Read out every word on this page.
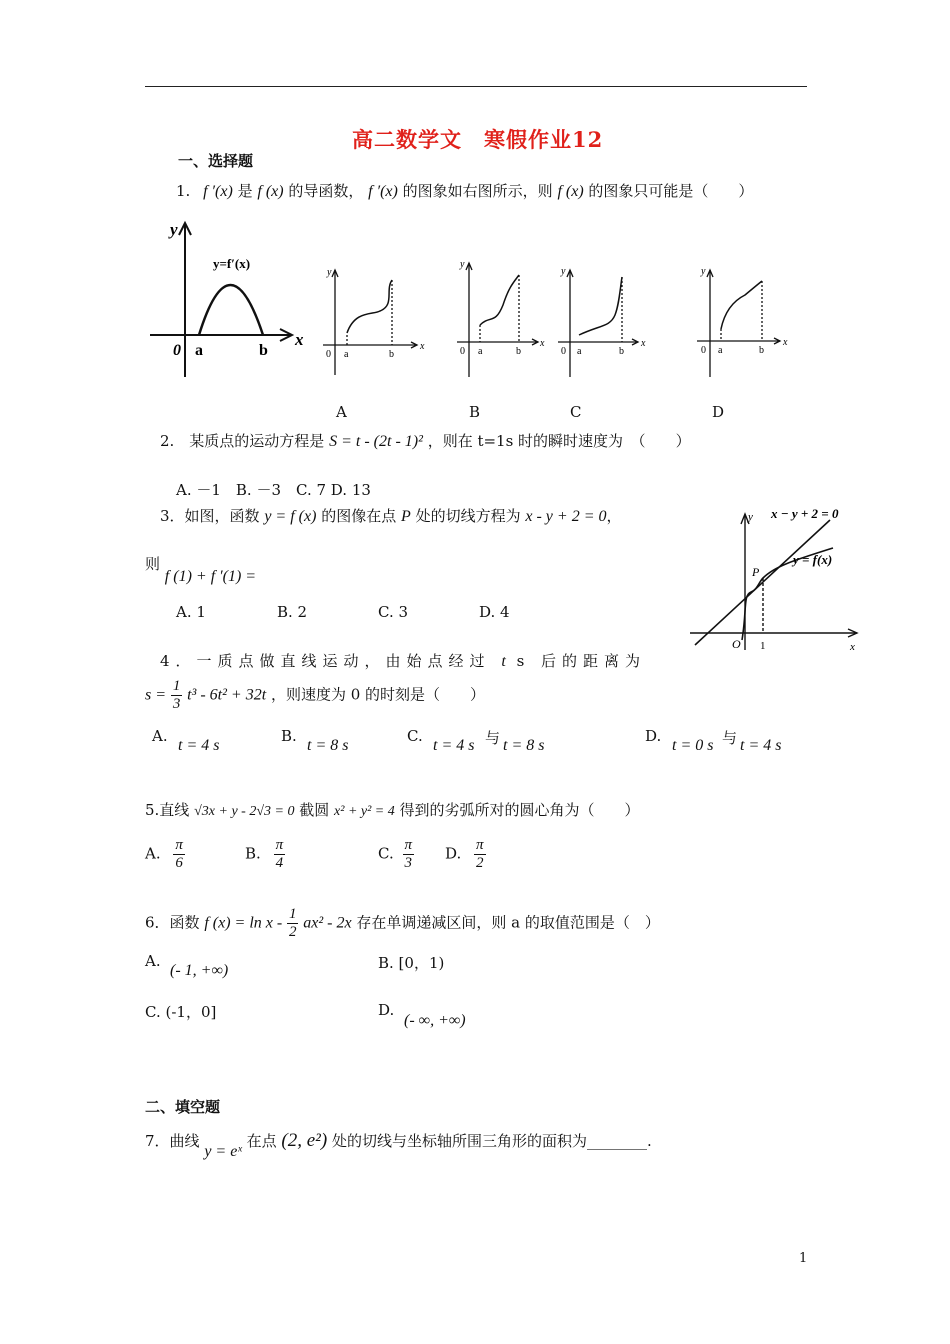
高二数学文　寒假作业12
一、选择题
1. f ′(x) 是 f (x) 的导函数， f ′(x) 的图象如右图所示，则 f (x) 的图象只可能是（　　）
y
x
0 a	b
y=f′(x)
y
x
0 a	b
y
x
0 a	b
y
x
0 a	b
y
x
0 a	b
A	B	C	D
2.　某质点的运动方程是 S = t - (2t - 1)² ，则在 t=1s 时的瞬时速度为　（　　）
A. －1　B. －3　C. 7 D. 13
3．如图，函数 y = f (x) 的图像在点 P 处的切线方程为 x - y + 2 = 0，
则 f (1) + f ′(1) =
A. 1	B. 2	C. 3	D. 4
x − y + 2 = 0
y = f(x)
P
O 1	x
y
4．一质点做直线运动，由始点经过 t s 后的距离为
$s = \frac{1}{3} t^3 - 6t^2 + 32t$ ，则速度为 0 的时刻是（　　）
A.
t = 4 s
B.
t = 8 s
C.
t = 4 s 与 t = 8 s
D.
t = 0 s 与 t = 4 s
5.直线 √3x + y - 2√3 = 0 截圆 x² + y² = 4 得到的劣弧所对的圆心角为（　　）
A. $\frac{\pi}{6}$	B. $\frac{\pi}{4}$	C. $\frac{\pi}{3} D$. $\frac{\pi}{2}$
6．函数 f $(x) = \ln x - \frac{1}{2} ax^2 - 2x$ 存在单调递减区间，则 a 的取值范围是（　）
A.
(- 1, +∞)	B. [0，1)
C. (-1，0]	D.
(- ∞, +∞)
二、填空题
7．曲线 y = eˣ 在点 (2, e²) 处的切线与坐标轴所围三角形的面积为________.
1
